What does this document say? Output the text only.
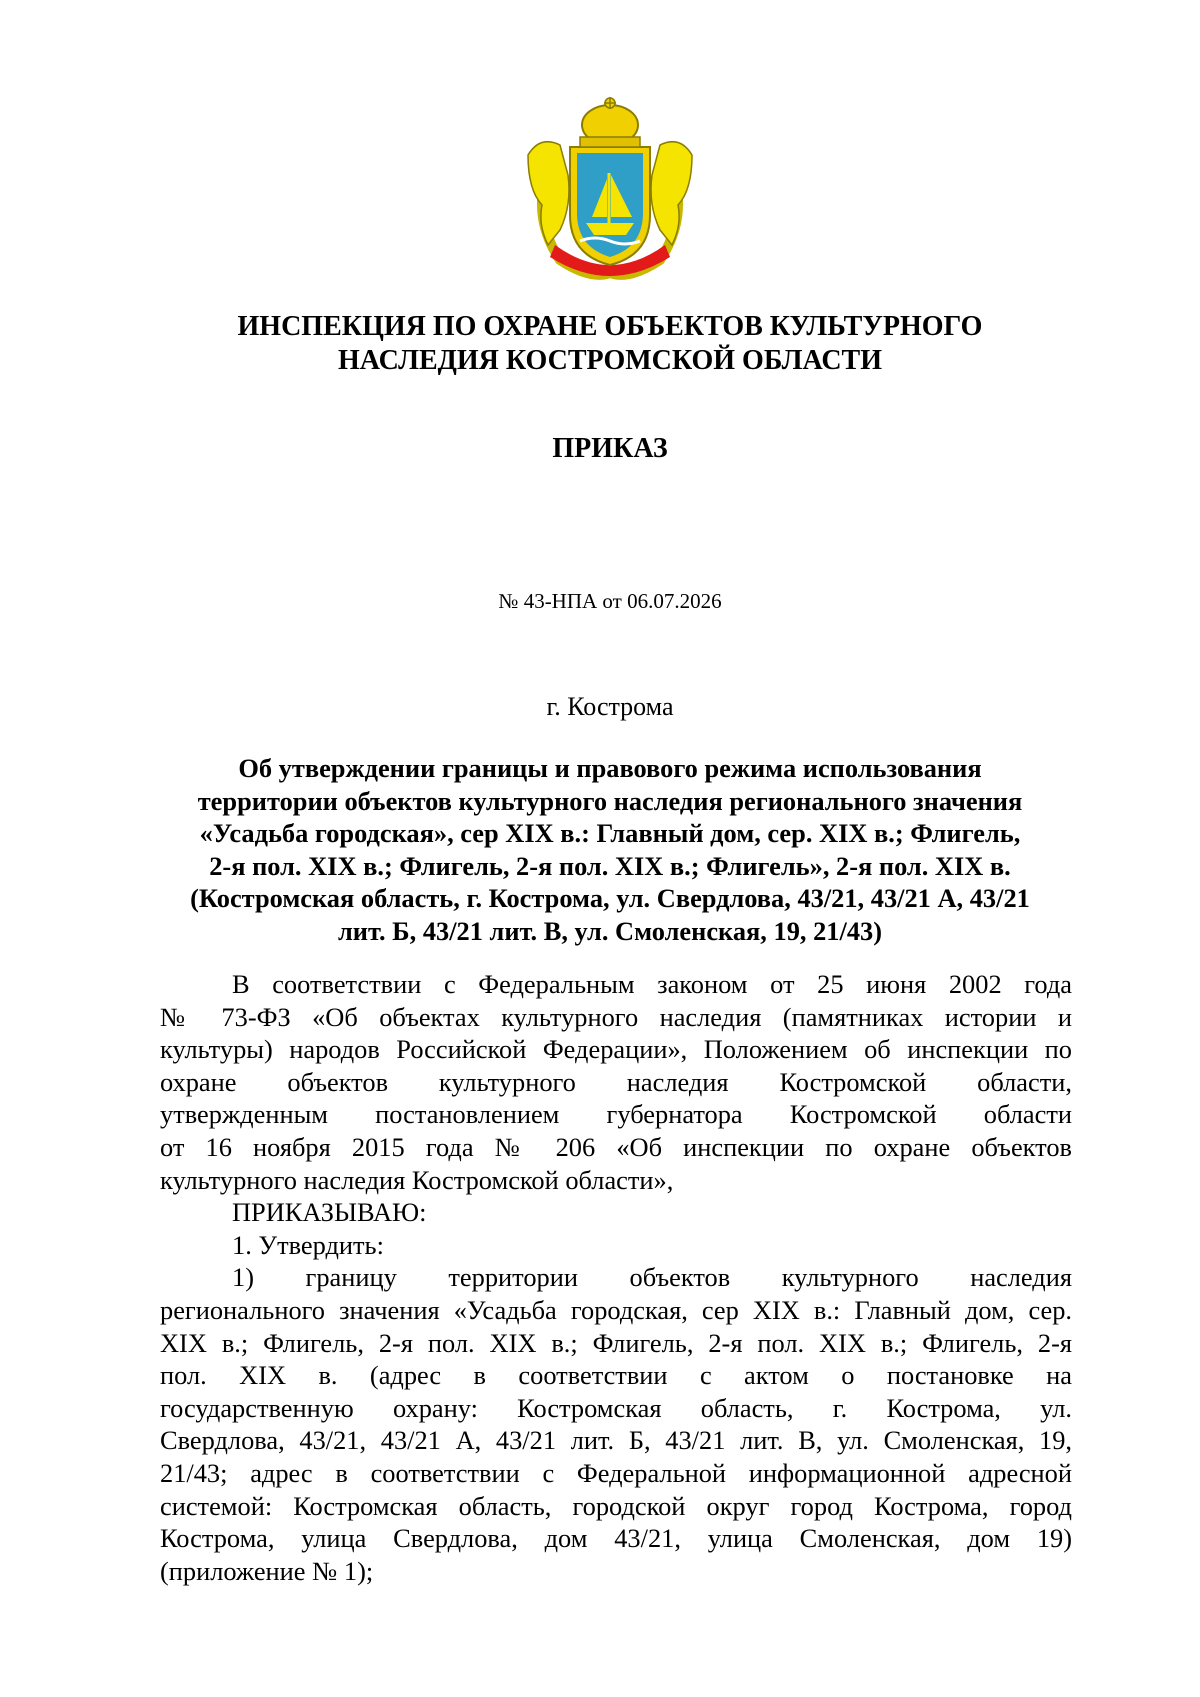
ИНСПЕКЦИЯ ПО ОХРАНЕ ОБЪЕКТОВ КУЛЬТУРНОГО
НАСЛЕДИЯ КОСТРОМСКОЙ ОБЛАСТИ
ПРИКАЗ
№ 43-НПА от 06.07.2026
г. Кострома
Об утверждении границы и правового режима использования
территории объектов культурного наследия регионального значения
«Усадьба городская», сер XIX в.: Главный дом, сер. XIX в.; Флигель,
2-я пол. XIX в.; Флигель, 2-я пол. XIX в.; Флигель», 2-я пол. XIX в.
(Костромская область, г. Кострома, ул. Свердлова, 43/21, 43/21 А, 43/21
лит. Б, 43/21 лит. В, ул. Смоленская, 19, 21/43)
В соответствии с Федеральным законом от 25 июня 2002 года
№ 73-ФЗ «Об объектах культурного наследия (памятниках истории и
культуры) народов Российской Федерации», Положением об инспекции по
охране объектов культурного наследия Костромской области,
утвержденным постановлением губернатора Костромской области
от 16 ноября 2015 года № 206 «Об инспекции по охране объектов
культурного наследия Костромской области»,
ПРИКАЗЫВАЮ:
1. Утвердить:
1) границу территории объектов культурного наследия
регионального значения «Усадьба городская, сер XIX в.: Главный дом, сер.
XIX в.; Флигель, 2-я пол. XIX в.; Флигель, 2-я пол. XIX в.; Флигель, 2-я
пол. XIX в. (адрес в соответствии с актом о постановке на
государственную охрану: Костромская область, г. Кострома, ул.
Свердлова, 43/21, 43/21 А, 43/21 лит. Б, 43/21 лит. В, ул. Смоленская, 19,
21/43; адрес в соответствии с Федеральной информационной адресной
системой: Костромская область, городской округ город Кострома, город
Кострома, улица Свердлова, дом 43/21, улица Смоленская, дом 19)
(приложение № 1);
